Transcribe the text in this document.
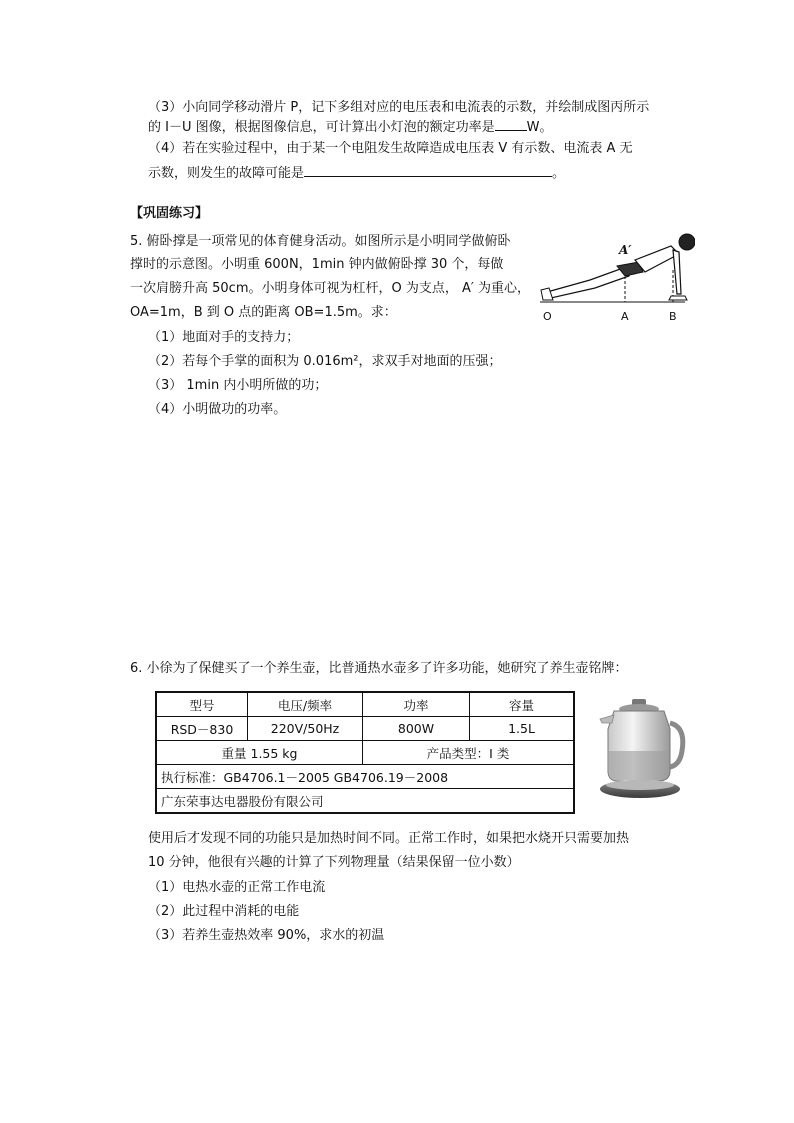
（3）小向同学移动滑片 P，记下多组对应的电压表和电流表的示数，并绘制成图丙所示
的 I－U 图像，根据图像信息，可计算出小灯泡的额定功率是 W。
（4）若在实验过程中，由于某一个电阻发生故障造成电压表 V 有示数、电流表 A 无
示数，则发生的故障可能是	。
【巩固练习】
5. 俯卧撑是一项常见的体育健身活动。如图所示是小明同学做俯卧
撑时的示意图。小明重 600N，1min 钟内做俯卧撑 30 个，每做
一次肩膀升高 50cm。小明身体可视为杠杆，O 为支点， A′ 为重心，
OA=1m，B 到 O 点的距离 OB=1.5m。求：
（1）地面对手的支持力；
（2）若每个手掌的面积为 0.016m²，求双手对地面的压强；
（3） 1min 内小明所做的功；
（4）小明做功的功率。
A′
O	A	B
6. 小徐为了保健买了一个养生壶，比普通热水壶多了许多功能，她研究了养生壶铭牌：
型号	电压/频率	功率	容量
RSD－830	220V/50Hz	800W	1.5L
重量 1.55 kg		产品类型：I 类	
执行标准：GB4706.1－2005 GB4706.19－2008			
广东荣事达电器股份有限公司			
使用后才发现不同的功能只是加热时间不同。正常工作时，如果把水烧开只需要加热
10 分钟，他很有兴趣的计算了下列物理量（结果保留一位小数）
（1）电热水壶的正常工作电流
（2）此过程中消耗的电能
（3）若养生壶热效率 90%，求水的初温
